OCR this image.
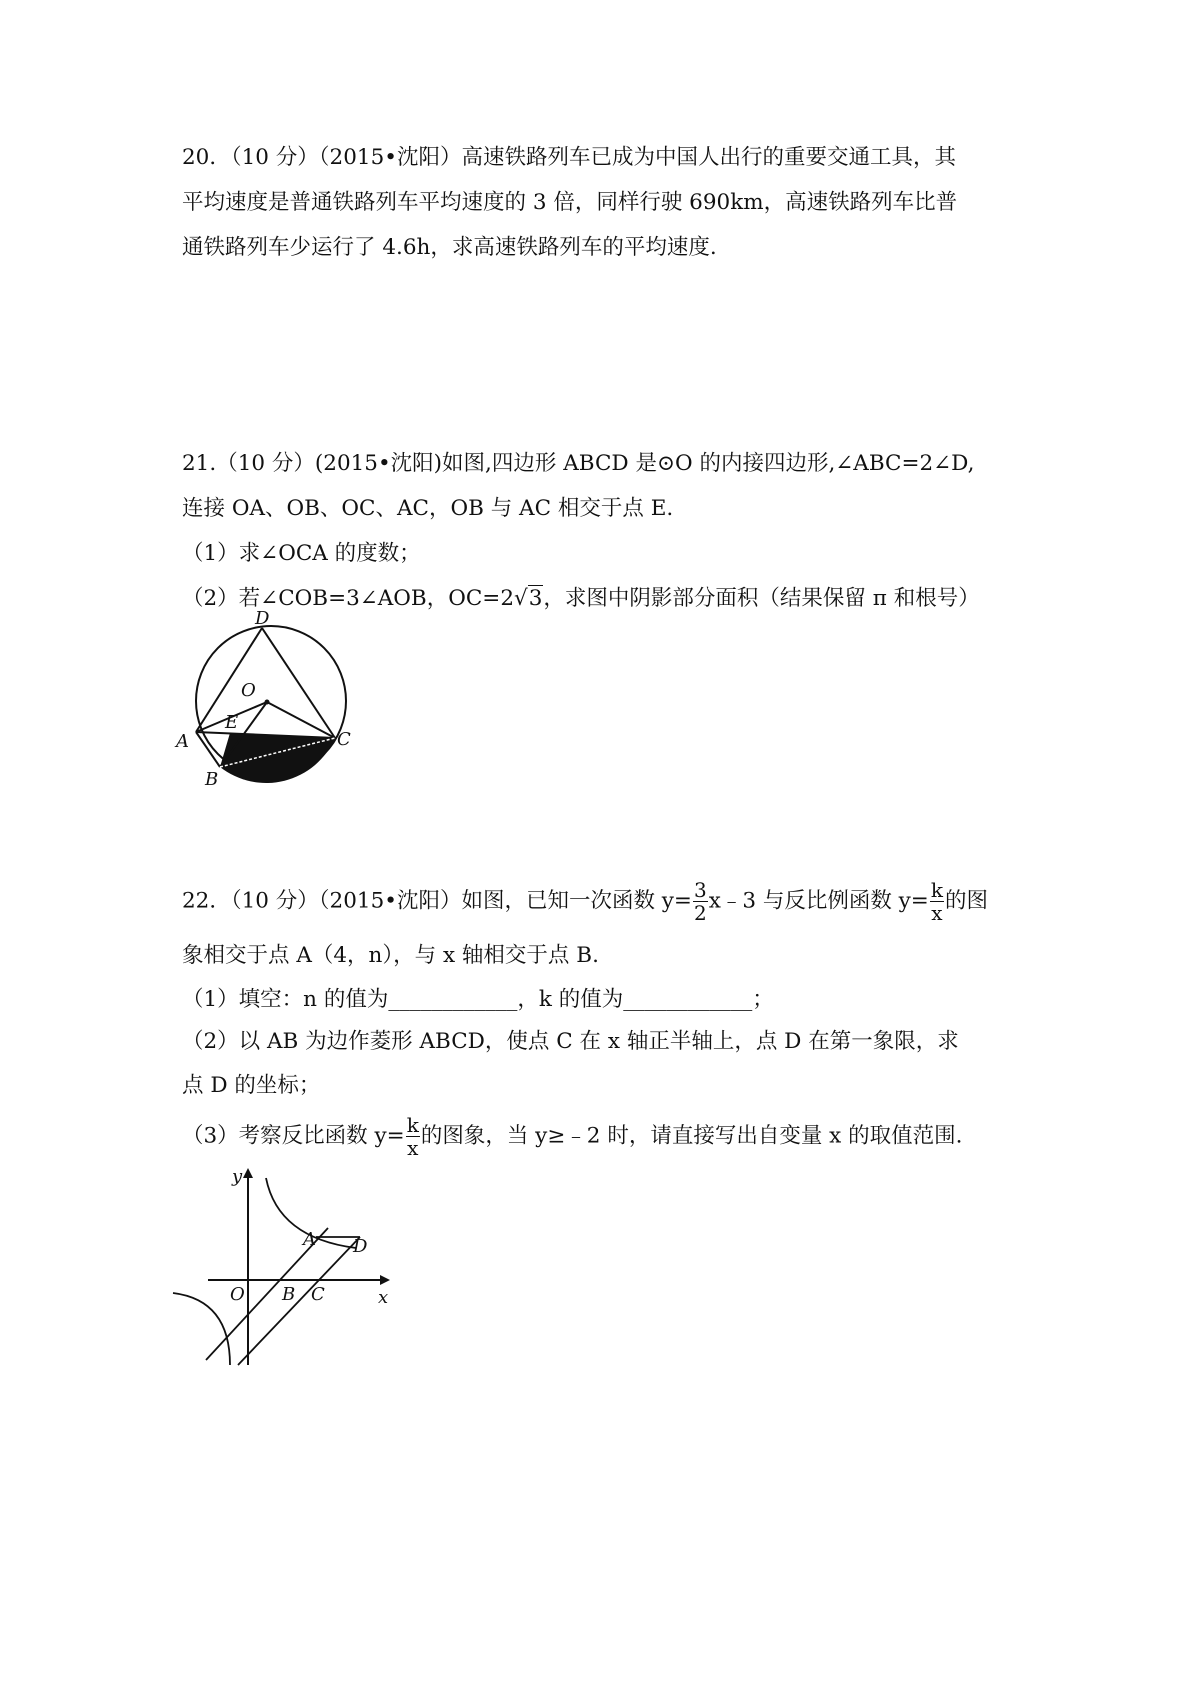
20．（10 分）（2015•沈阳）高速铁路列车已成为中国人出行的重要交通工具，其
平均速度是普通铁路列车平均速度的 3 倍，同样行驶 690km，高速铁路列车比普
通铁路列车少运行了 4.6h，求高速铁路列车的平均速度.
21.（10 分）(2015•沈阳)如图,四边形 ABCD 是⊙O 的内接四边形,∠ABC=2∠D,
连接 OA、OB、OC、AC，OB 与 AC 相交于点 E.
（1）求∠OCA 的度数；
（2）若∠COB=3∠AOB，OC=2√3，求图中阴影部分面积（结果保留 π 和根号）
D
O
E
A	C
B
22．（10 分）（2015•沈阳）如图，已知一次函数 $y= \frac{3}{2}$ x﹣3 与反比例函数 $y= \frac{k}{x}$ 的图
象相交于点 A（4，n），与 x 轴相交于点 B.
（1）填空：n 的值为____________，k 的值为____________；
（2）以 AB 为边作菱形 ABCD，使点 C 在 x 轴正半轴上，点 D 在第一象限，求
点 D 的坐标；
（3）考察反比函数 $y= \frac{k}{x}$ 的图象，当 y≥﹣2 时，请直接写出自变量 x 的取值范围.
y
x
O
A
B C
D
